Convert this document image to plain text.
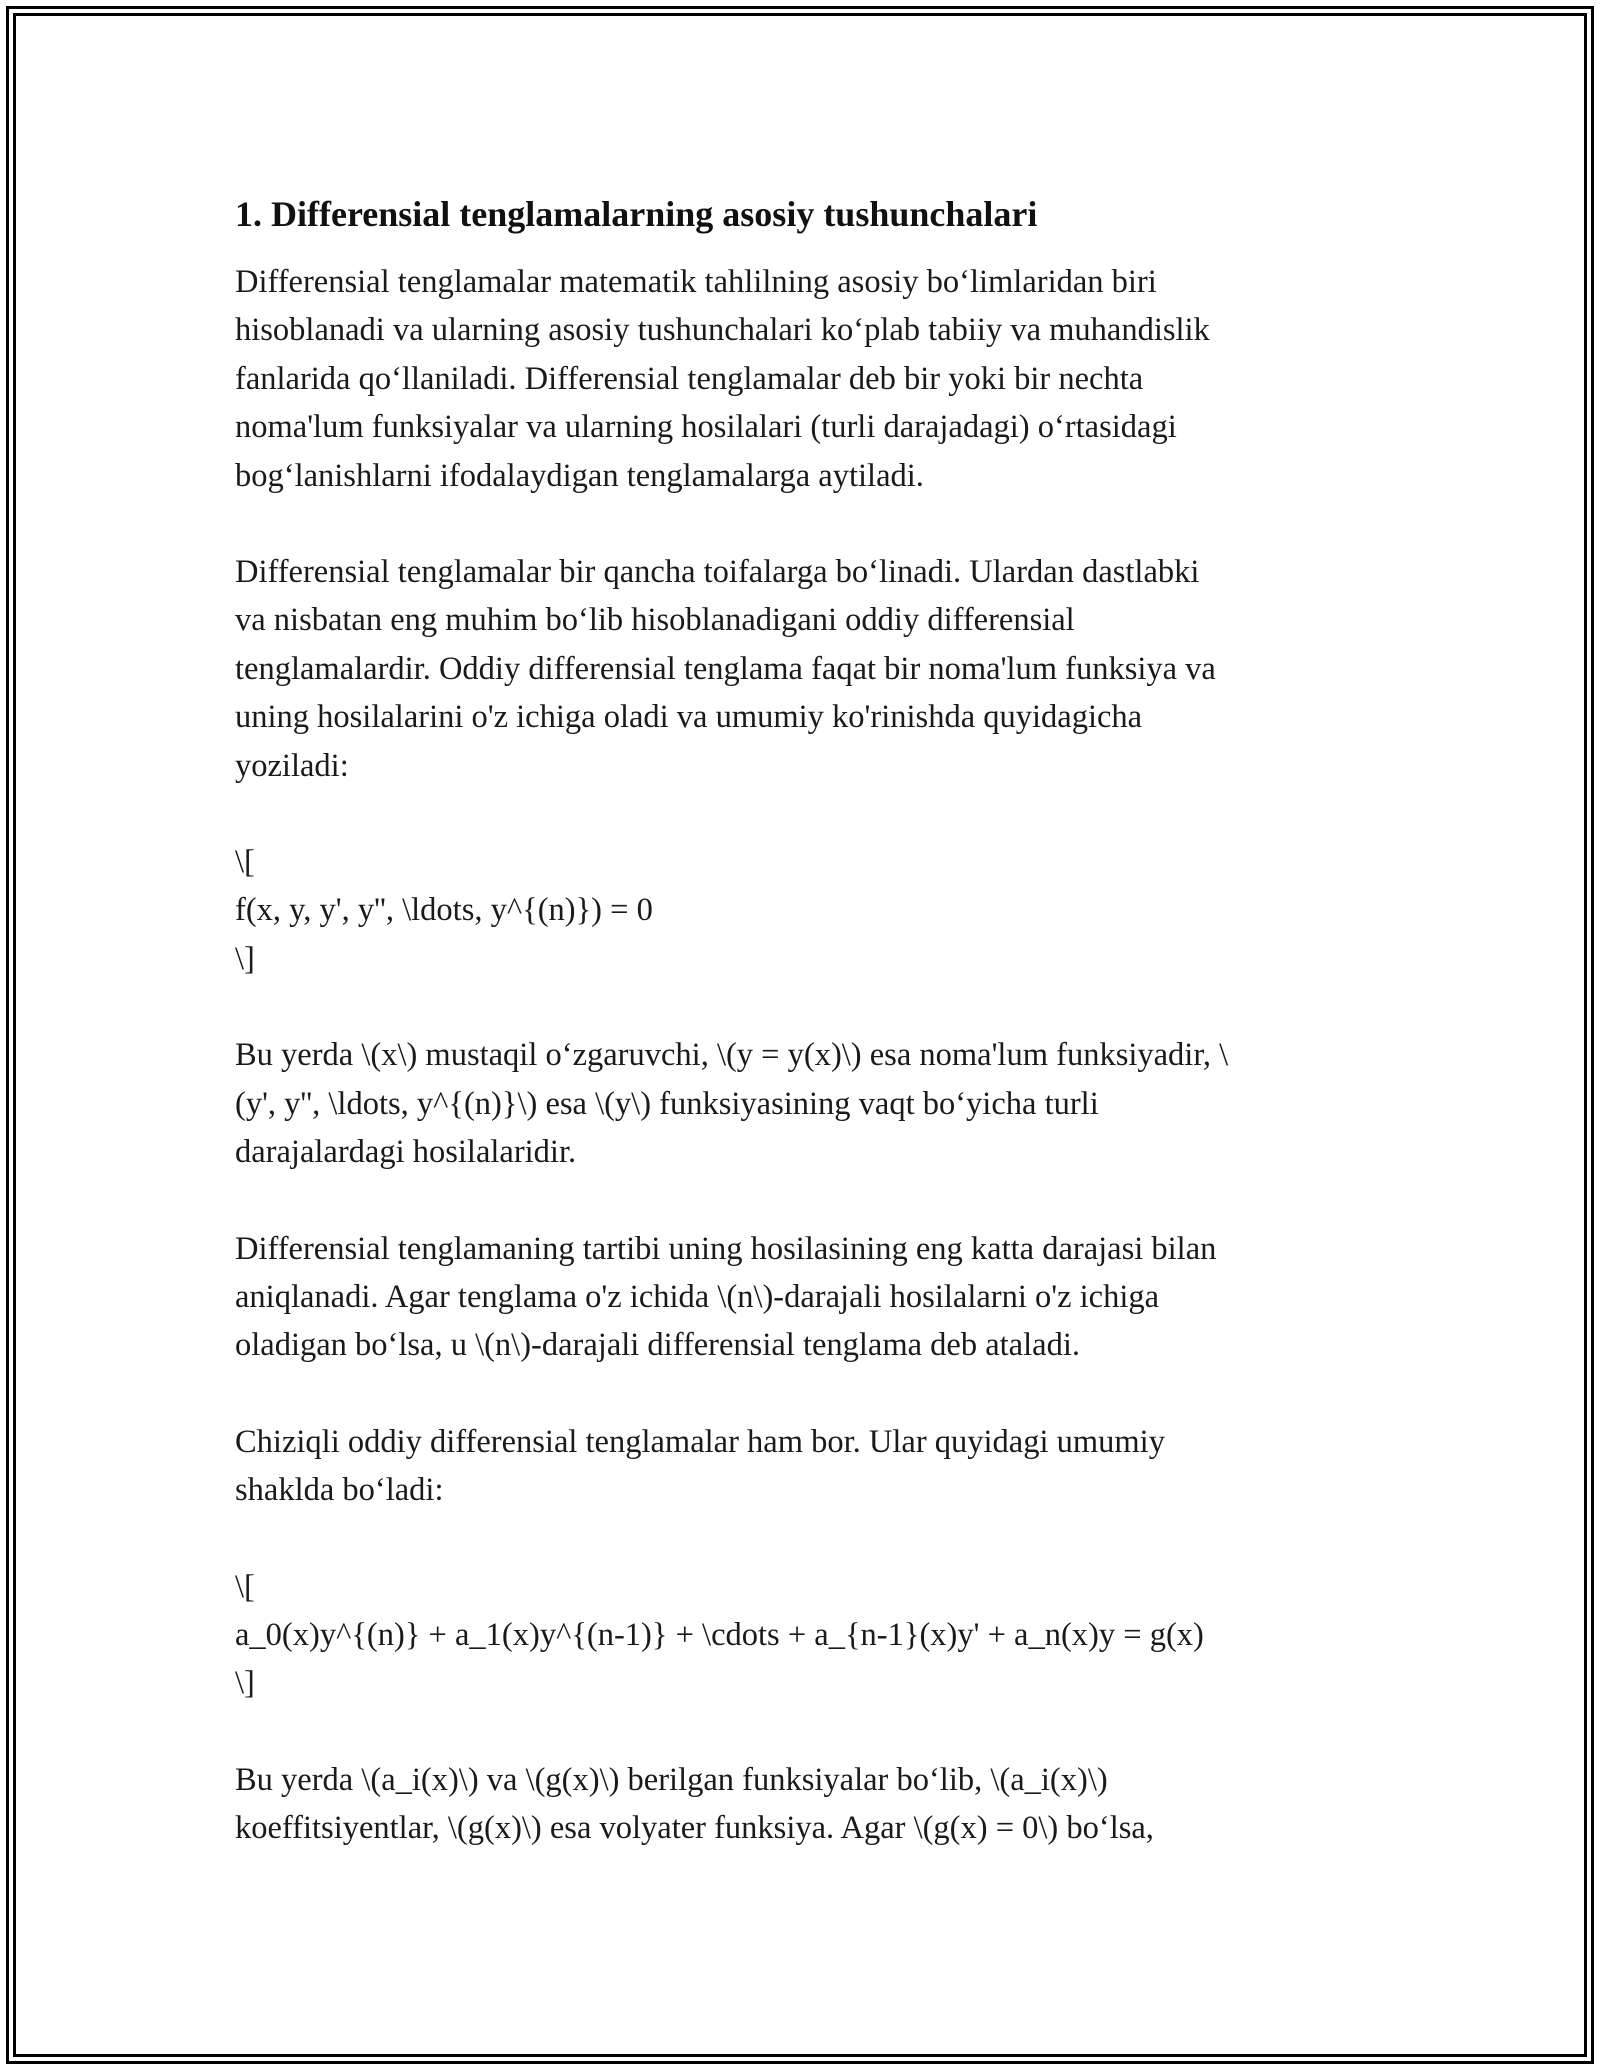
1. Differensial tenglamalarning asosiy tushunchalari
Differensial tenglamalar matematik tahlilning asosiy bo‘limlaridan biri
hisoblanadi va ularning asosiy tushunchalari ko‘plab tabiiy va muhandislik
fanlarida qo‘llaniladi. Differensial tenglamalar deb bir yoki bir nechta
noma'lum funksiyalar va ularning hosilalari (turli darajadagi) o‘rtasidagi
bog‘lanishlarni ifodalaydigan tenglamalarga aytiladi.
Differensial tenglamalar bir qancha toifalarga bo‘linadi. Ulardan dastlabki
va nisbatan eng muhim bo‘lib hisoblanadigani oddiy differensial
tenglamalardir. Oddiy differensial tenglama faqat bir noma'lum funksiya va
uning hosilalarini o'z ichiga oladi va umumiy ko'rinishda quyidagicha
yoziladi:
\[
f(x, y, y', y'', \ldots, y^{(n)}) = 0
\]
Bu yerda \(x\) mustaqil o‘zgaruvchi, \(y = y(x)\) esa noma'lum funksiyadir, \
(y', y'', \ldots, y^{(n)}\) esa \(y\) funksiyasining vaqt bo‘yicha turli
darajalardagi hosilalaridir.
Differensial tenglamaning tartibi uning hosilasining eng katta darajasi bilan
aniqlanadi. Agar tenglama o'z ichida \(n\)-darajali hosilalarni o'z ichiga
oladigan bo‘lsa, u \(n\)-darajali differensial tenglama deb ataladi.
Chiziqli oddiy differensial tenglamalar ham bor. Ular quyidagi umumiy
shaklda bo‘ladi:
\[
a_0(x)y^{(n)} + a_1(x)y^{(n-1)} + \cdots + a_{n-1}(x)y' + a_n(x)y = g(x)
\]
Bu yerda \(a_i(x)\) va \(g(x)\) berilgan funksiyalar bo‘lib, \(a_i(x)\)
koeffitsiyentlar, \(g(x)\) esa volyater funksiya. Agar \(g(x) = 0\) bo‘lsa,
